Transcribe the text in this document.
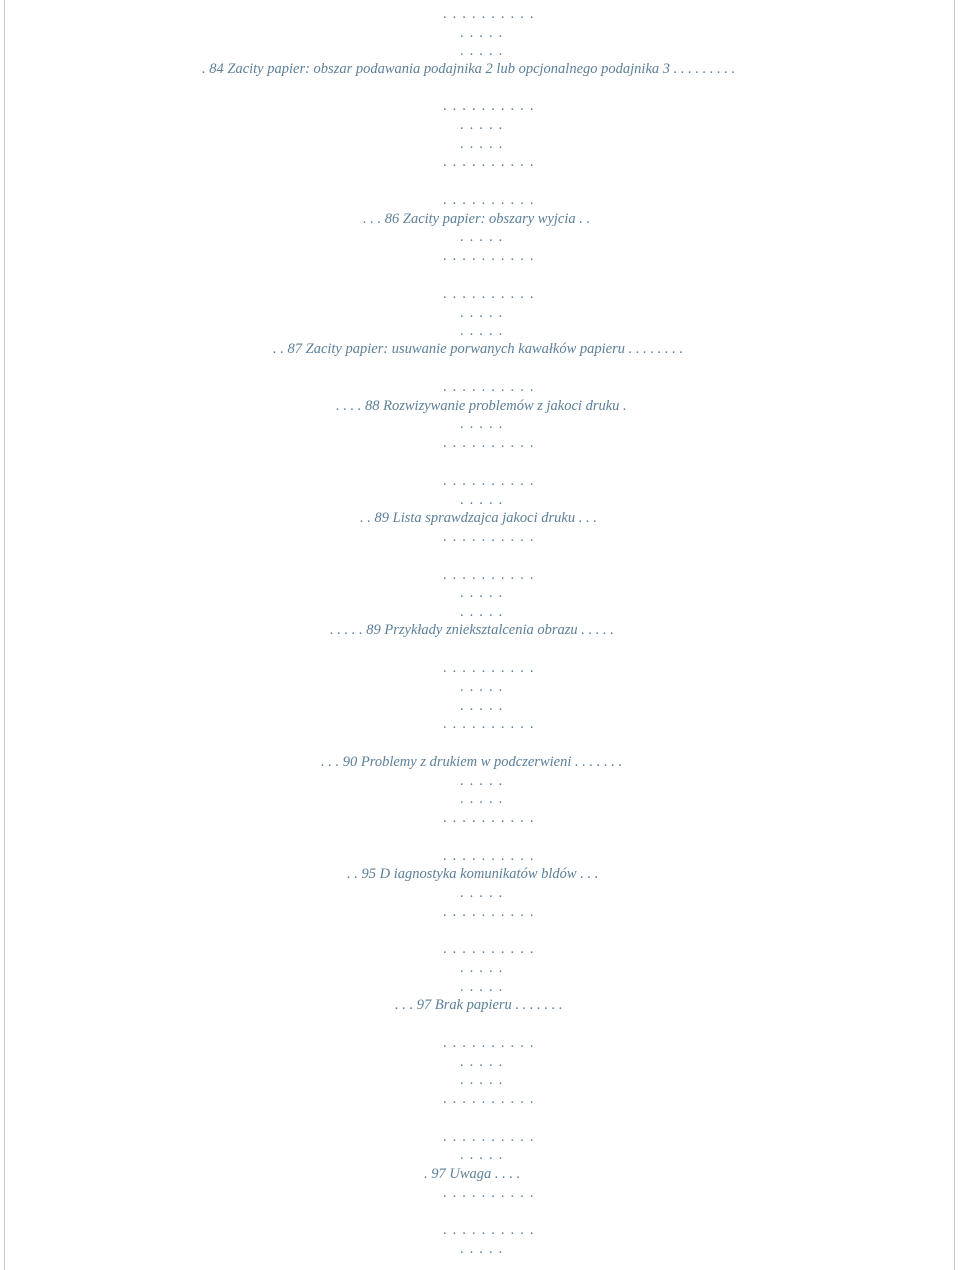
. . . . . . . . . .
. . . . .
. . . . .
. 84 Zacity papier: obszar podawania podajnika 2 lub opcjonalnego podajnika 3 . . . . . . . . .
. . . . . . . . . .
. . . . .
. . . . .
. . . . . . . . . .
. . . . . . . . . .
. . . 86 Zacity papier: obszary wyjcia . .
. . . . .
. . . . . . . . . .
. . . . . . . . . .
. . . . .
. . . . .
. . 87 Zacity papier: usuwanie porwanych kawałków papieru . . . . . . . .
. . . . . . . . . .
. . . . 88 Rozwizywanie problemów z jakoci druku .
. . . . .
. . . . . . . . . .
. . . . . . . . . .
. . . . .
. . 89 Lista sprawdzajca jakoci druku . . .
. . . . . . . . . .
. . . . . . . . . .
. . . . .
. . . . .
. . . . . 89 Przykłady znieksztalcenia obrazu . . . . .
. . . . . . . . . .
. . . . .
. . . . .
. . . . . . . . . .
. . . 90 Problemy z drukiem w podczerwieni . . . . . . .
. . . . .
. . . . .
. . . . . . . . . .
. . . . . . . . . .
. . 95 D iagnostyka komunikatów bldów . . .
. . . . .
. . . . . . . . . .
. . . . . . . . . .
. . . . .
. . . . .
. . . 97 Brak papieru . . . . . . .
. . . . . . . . . .
. . . . .
. . . . .
. . . . . . . . . .
. . . . . . . . . .
. . . . .
. 97 Uwaga . . . .
. . . . . . . . . .
. . . . . . . . . .
. . . . .
